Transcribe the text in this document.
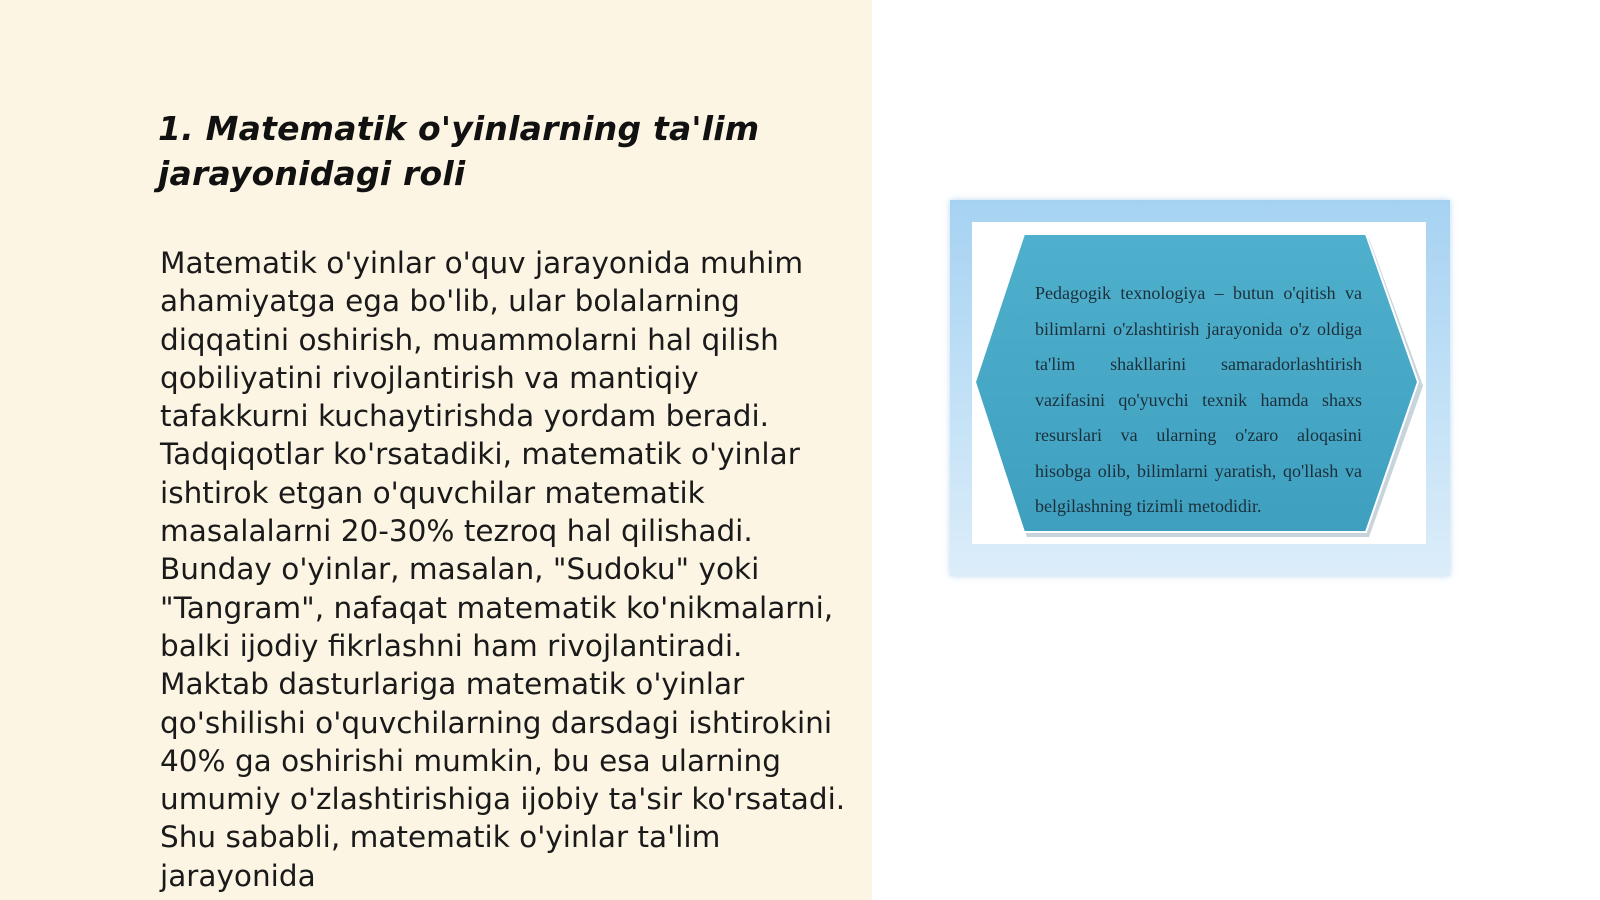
1. Matematik o'yinlarning ta'lim jarayonidagi roli

Matematik o'yinlar o'quv jarayonida muhim ahamiyatga ega bo'lib, ular bolalarning diqqatini oshirish, muammolarni hal qilish qobiliyatini rivojlantirish va mantiqiy tafakkurni kuchaytirishda yordam beradi. Tadqiqotlar ko'rsatadiki, matematik o'yinlar ishtirok etgan o'quvchilar matematik masalalarni 20-30% tezroq hal qilishadi. Bunday o'yinlar, masalan, "Sudoku" yoki "Tangram", nafaqat matematik ko'nikmalarni, balki ijodiy fikrlashni ham rivojlantiradi. Maktab dasturlariga matematik o'yinlar qo'shilishi o'quvchilarning darsdagi ishtirokini 40% ga oshirishi mumkin, bu esa ularning umumiy o'zlashtirishiga ijobiy ta'sir ko'rsatadi. Shu sababli, matematik o'yinlar ta'lim jarayonida

Pedagogik texnologiya – butun o'qitish va bilimlarni o'zlashtirish jarayonida o'z oldiga ta'lim shakllarini samaradorlashtirish vazifasini qo'yuvchi texnik hamda shaxs resurslari va ularning o'zaro aloqasini hisobga olib, bilimlarni yaratish, qo'llash va belgilashning tizimli metodidir.
